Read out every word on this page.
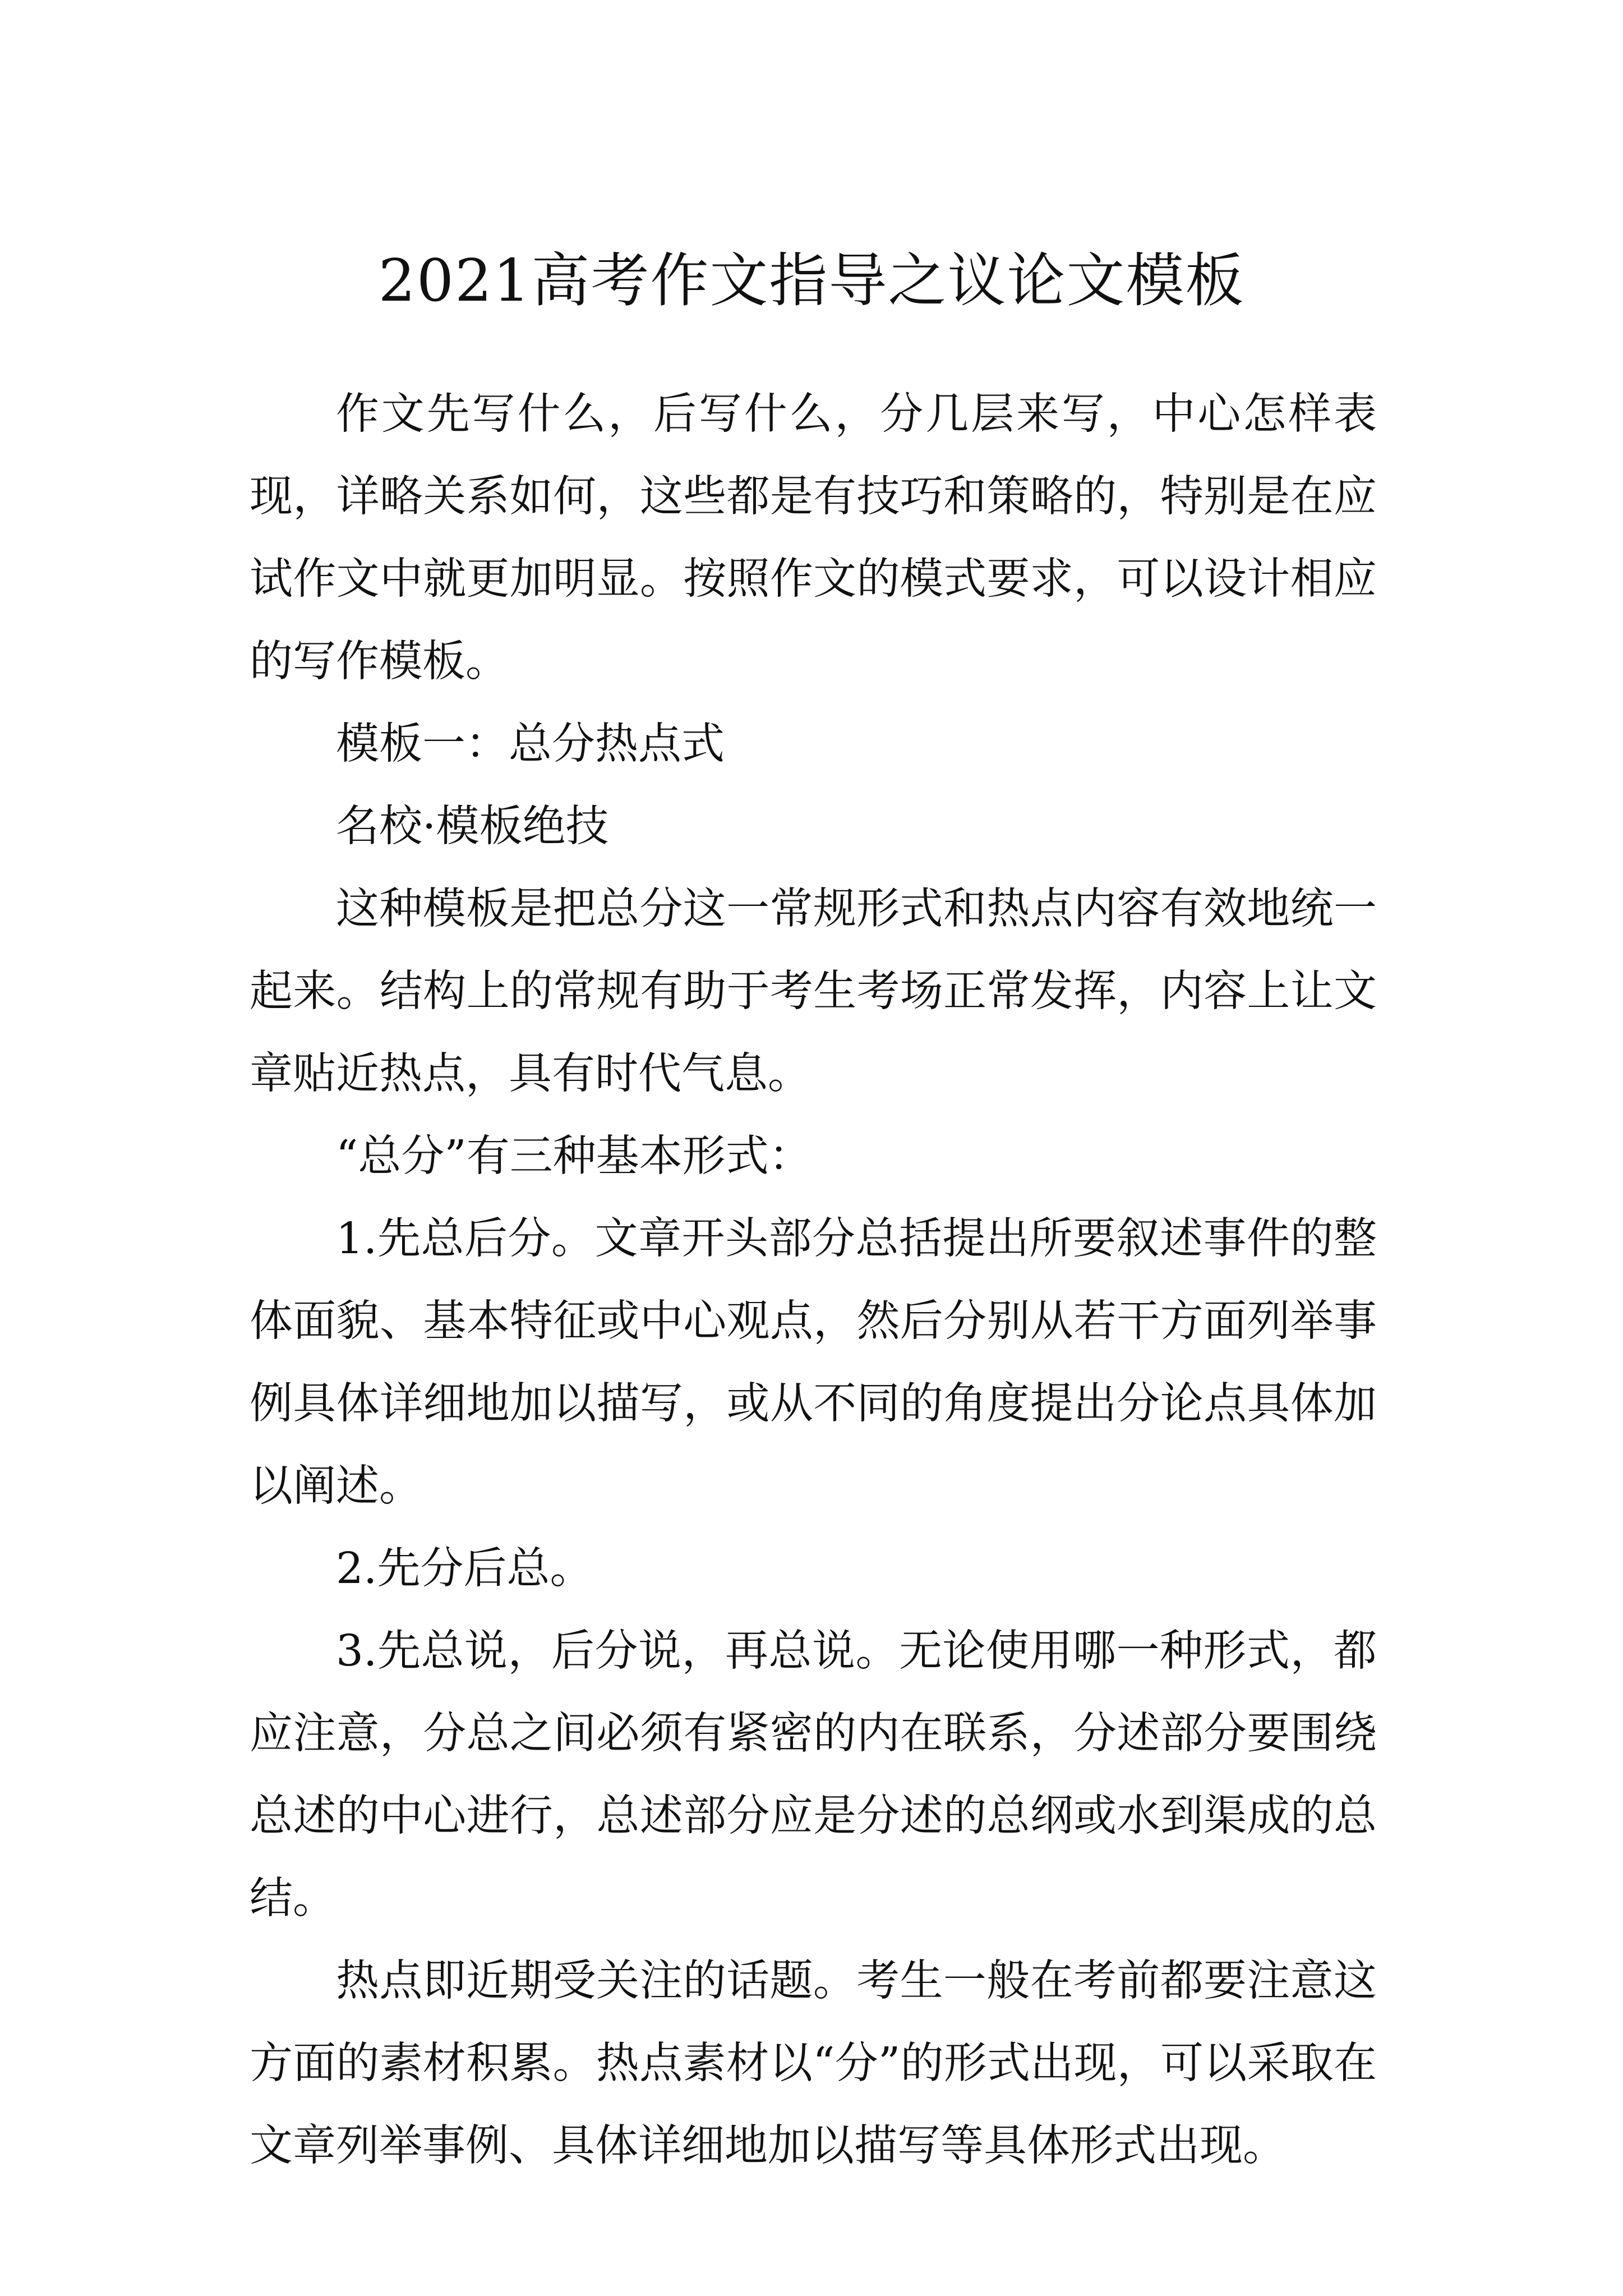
2021高考作文指导之议论文模板

作文先写什么，后写什么，分几层来写，中心怎样表现，详略关系如何，这些都是有技巧和策略的，特别是在应试作文中就更加明显。按照作文的模式要求，可以设计相应的写作模板。

模板一：总分热点式

名校·模板绝技

这种模板是把总分这一常规形式和热点内容有效地统一起来。结构上的常规有助于考生考场正常发挥，内容上让文章贴近热点，具有时代气息。

“总分”有三种基本形式：

1.先总后分。文章开头部分总括提出所要叙述事件的整体面貌、基本特征或中心观点，然后分别从若干方面列举事例具体详细地加以描写，或从不同的角度提出分论点具体加以阐述。

2.先分后总。

3.先总说，后分说，再总说。无论使用哪一种形式，都应注意，分总之间必须有紧密的内在联系，分述部分要围绕总述的中心进行，总述部分应是分述的总纲或水到渠成的总结。

热点即近期受关注的话题。考生一般在考前都要注意这方面的素材积累。热点素材以“分”的形式出现，可以采取在文章列举事例、具体详细地加以描写等具体形式出现。
